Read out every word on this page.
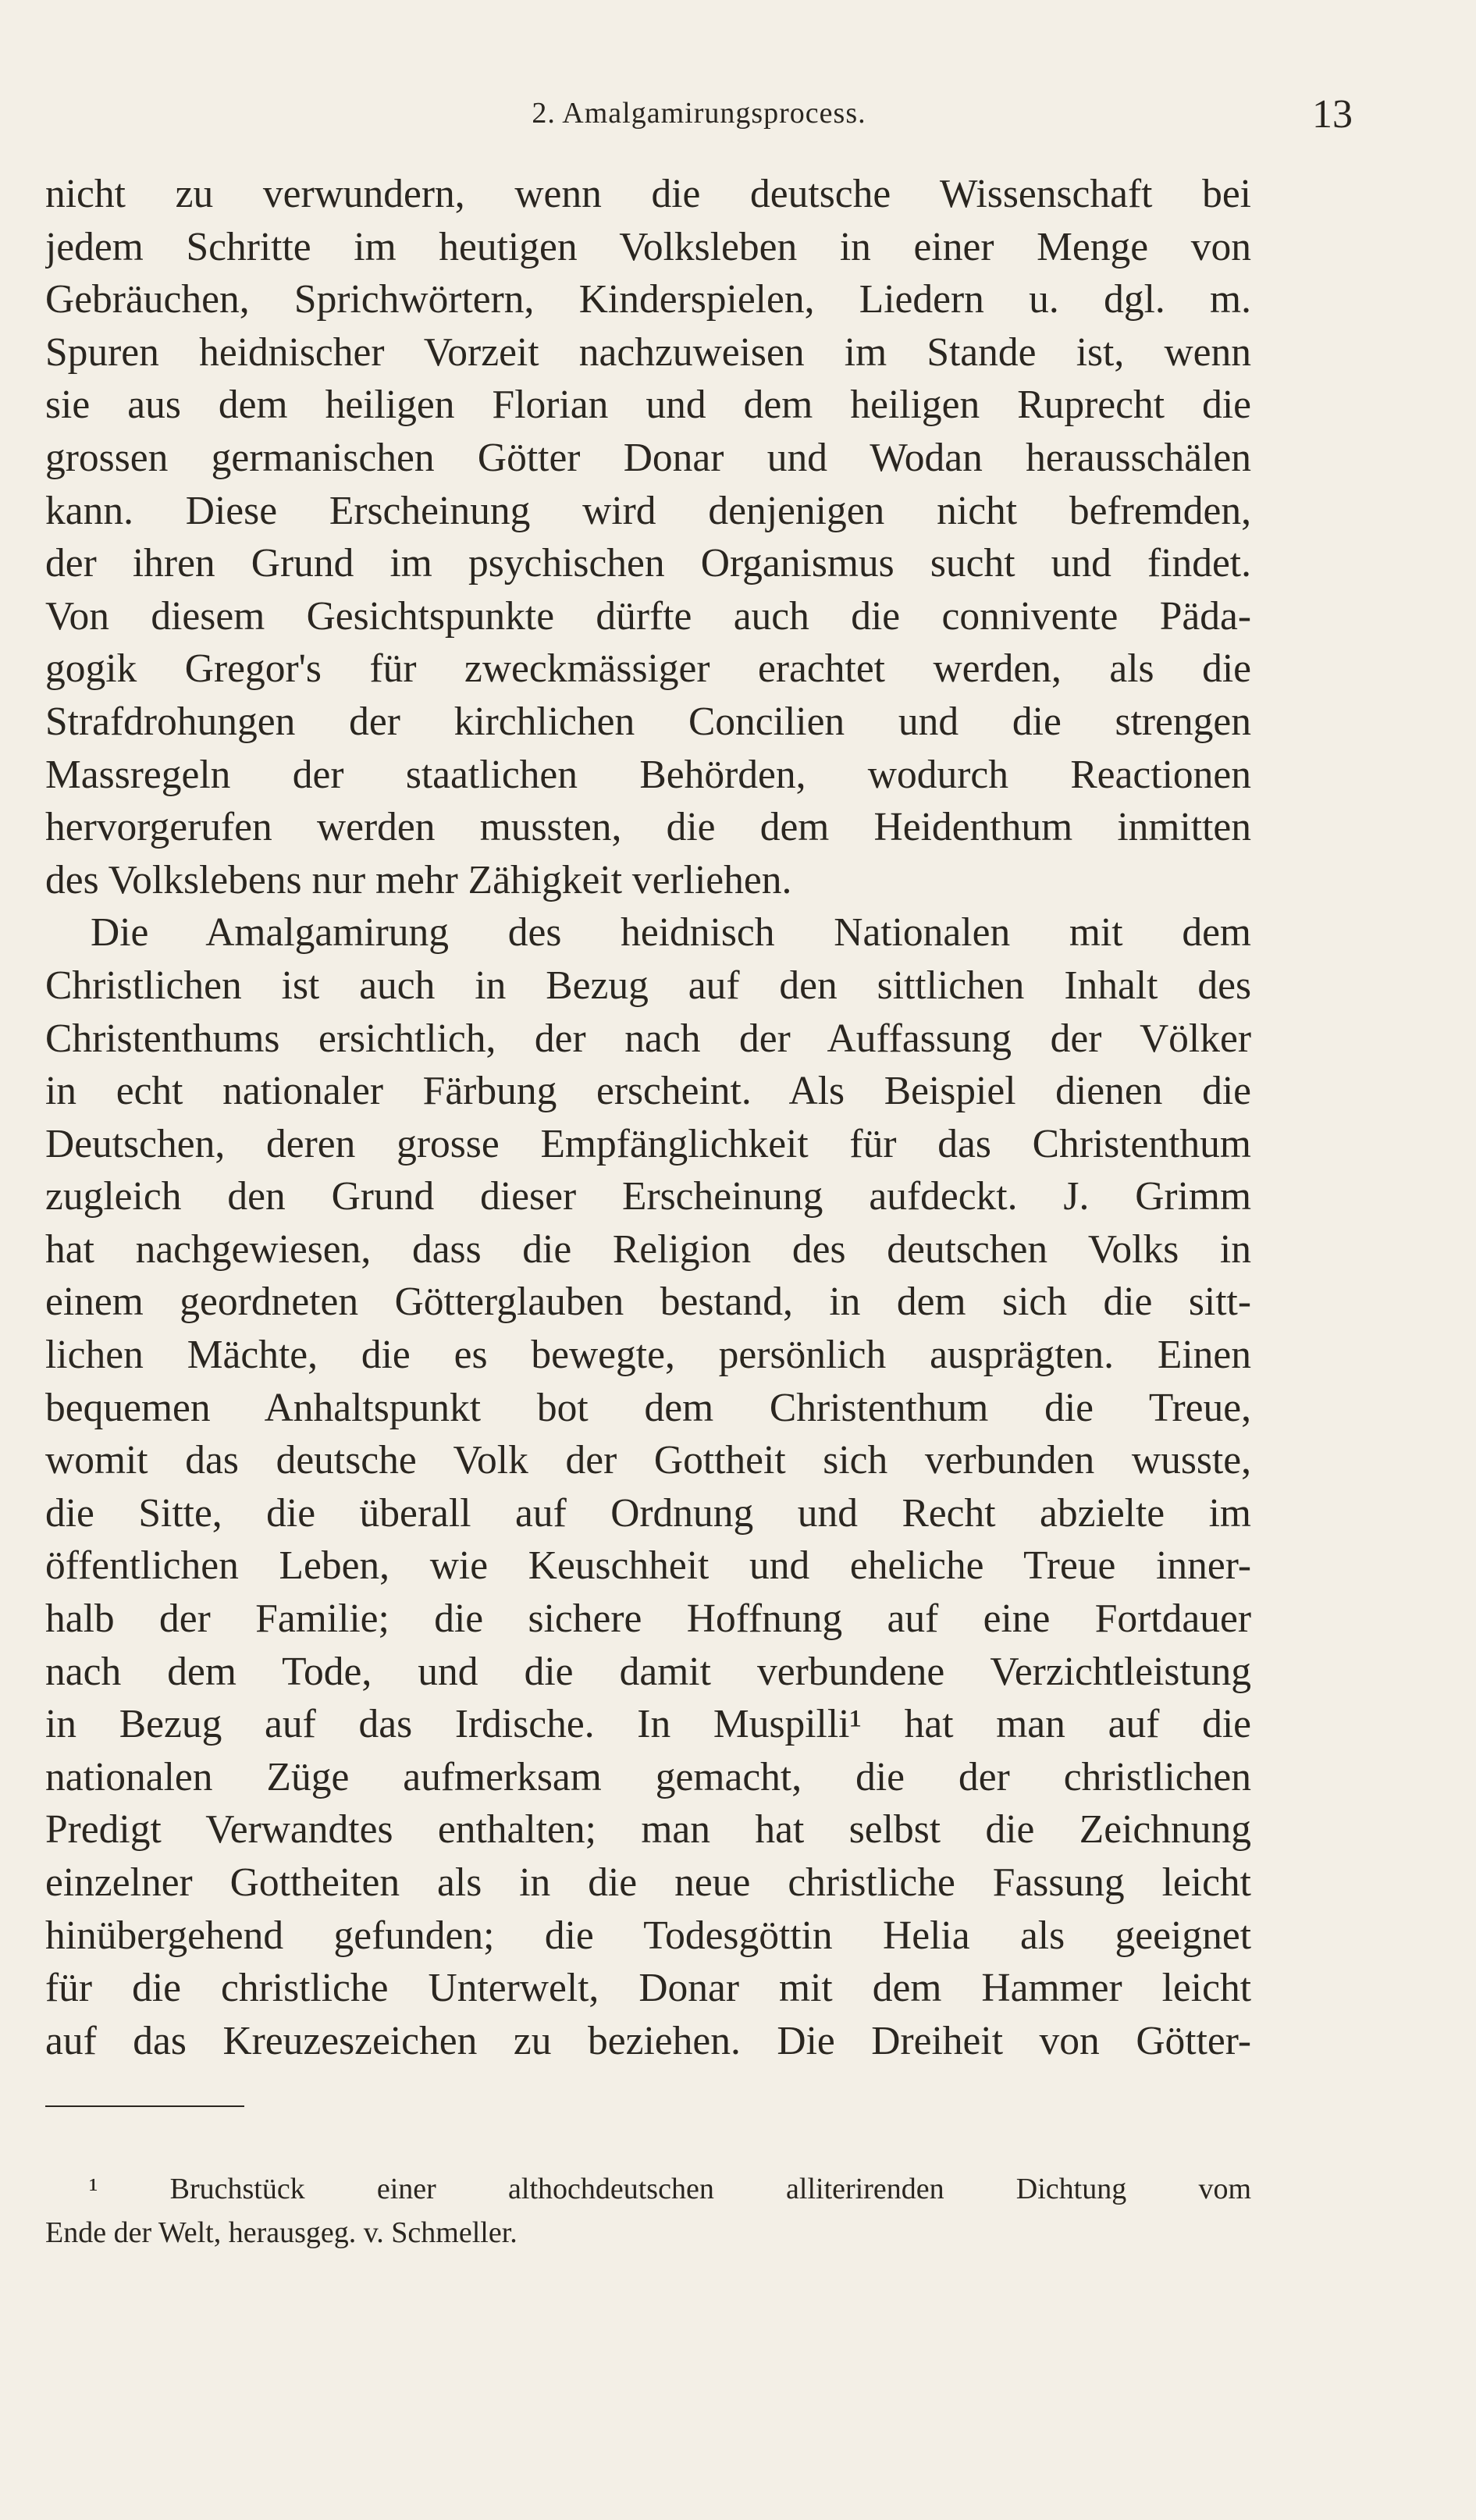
2. Amalgamirungsprocess.	13
nicht zu verwundern, wenn die deutsche Wissenschaft bei
jedem Schritte im heutigen Volksleben in einer Menge von
Gebräuchen, Sprichwörtern, Kinderspielen, Liedern u. dgl. m.
Spuren heidnischer Vorzeit nachzuweisen im Stande ist, wenn
sie aus dem heiligen Florian und dem heiligen Ruprecht die
grossen germanischen Götter Donar und Wodan herausschälen
kann. Diese Erscheinung wird denjenigen nicht befremden,
der ihren Grund im psychischen Organismus sucht und findet.
Von diesem Gesichtspunkte dürfte auch die connivente Päda-
gogik Gregor's für zweckmässiger erachtet werden, als die
Strafdrohungen der kirchlichen Concilien und die strengen
Massregeln der staatlichen Behörden, wodurch Reactionen
hervorgerufen werden mussten, die dem Heidenthum inmitten
des Volkslebens nur mehr Zähigkeit verliehen.
Die Amalgamirung des heidnisch Nationalen mit dem
Christlichen ist auch in Bezug auf den sittlichen Inhalt des
Christenthums ersichtlich, der nach der Auffassung der Völker
in echt nationaler Färbung erscheint. Als Beispiel dienen die
Deutschen, deren grosse Empfänglichkeit für das Christenthum
zugleich den Grund dieser Erscheinung aufdeckt. J. Grimm
hat nachgewiesen, dass die Religion des deutschen Volks in
einem geordneten Götterglauben bestand, in dem sich die sitt-
lichen Mächte, die es bewegte, persönlich ausprägten. Einen
bequemen Anhaltspunkt bot dem Christenthum die Treue,
womit das deutsche Volk der Gottheit sich verbunden wusste,
die Sitte, die überall auf Ordnung und Recht abzielte im
öffentlichen Leben, wie Keuschheit und eheliche Treue inner-
halb der Familie; die sichere Hoffnung auf eine Fortdauer
nach dem Tode, und die damit verbundene Verzichtleistung
in Bezug auf das Irdische. In Muspilli¹ hat man auf die
nationalen Züge aufmerksam gemacht, die der christlichen
Predigt Verwandtes enthalten; man hat selbst die Zeichnung
einzelner Gottheiten als in die neue christliche Fassung leicht
hinübergehend gefunden; die Todesgöttin Helia als geeignet
für die christliche Unterwelt, Donar mit dem Hammer leicht
auf das Kreuzeszeichen zu beziehen. Die Dreiheit von Götter-
¹ Bruchstück einer althochdeutschen alliterirenden Dichtung vom
Ende der Welt, herausgeg. v. Schmeller.
